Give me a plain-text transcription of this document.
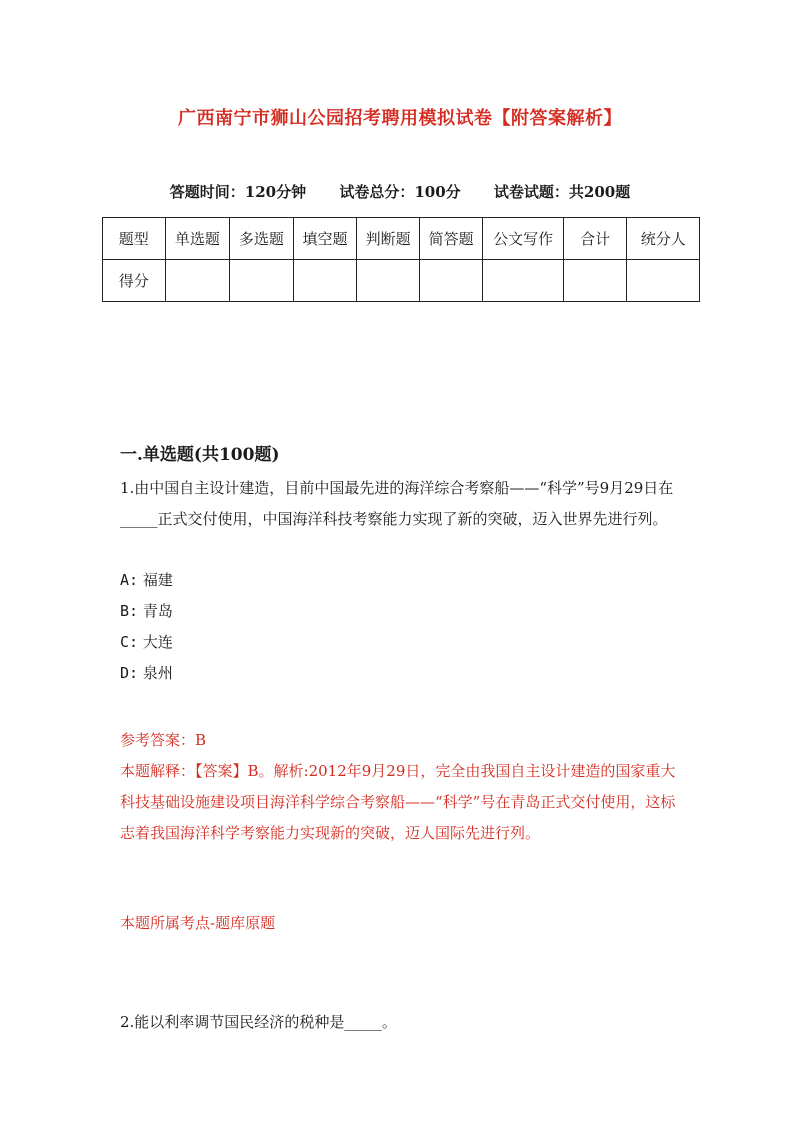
广西南宁市狮山公园招考聘用模拟试卷【附答案解析】
答题时间：120分钟 试卷总分：100分 试卷试题：共200题
题型	单选题	多选题	填空题	判断题	简答题	公文写作	合计	统分人
得分								
一.单选题(共100题)
1.由中国自主设计建造，目前中国最先进的海洋综合考察船——“科学”号9月29日在_____正式交付使用，中国海洋科技考察能力实现了新的突破，迈入世界先进行列。
A: 福建
B: 青岛
C: 大连
D: 泉州
参考答案：B
本题解释：【答案】B。解析:2012年9月29日，完全由我国自主设计建造的国家重大科技基础设施建设项目海洋科学综合考察船——“科学”号在青岛正式交付使用，这标志着我国海洋科学考察能力实现新的突破，迈人国际先进行列。
本题所属考点-题库原题
2.能以利率调节国民经济的税种是_____。
